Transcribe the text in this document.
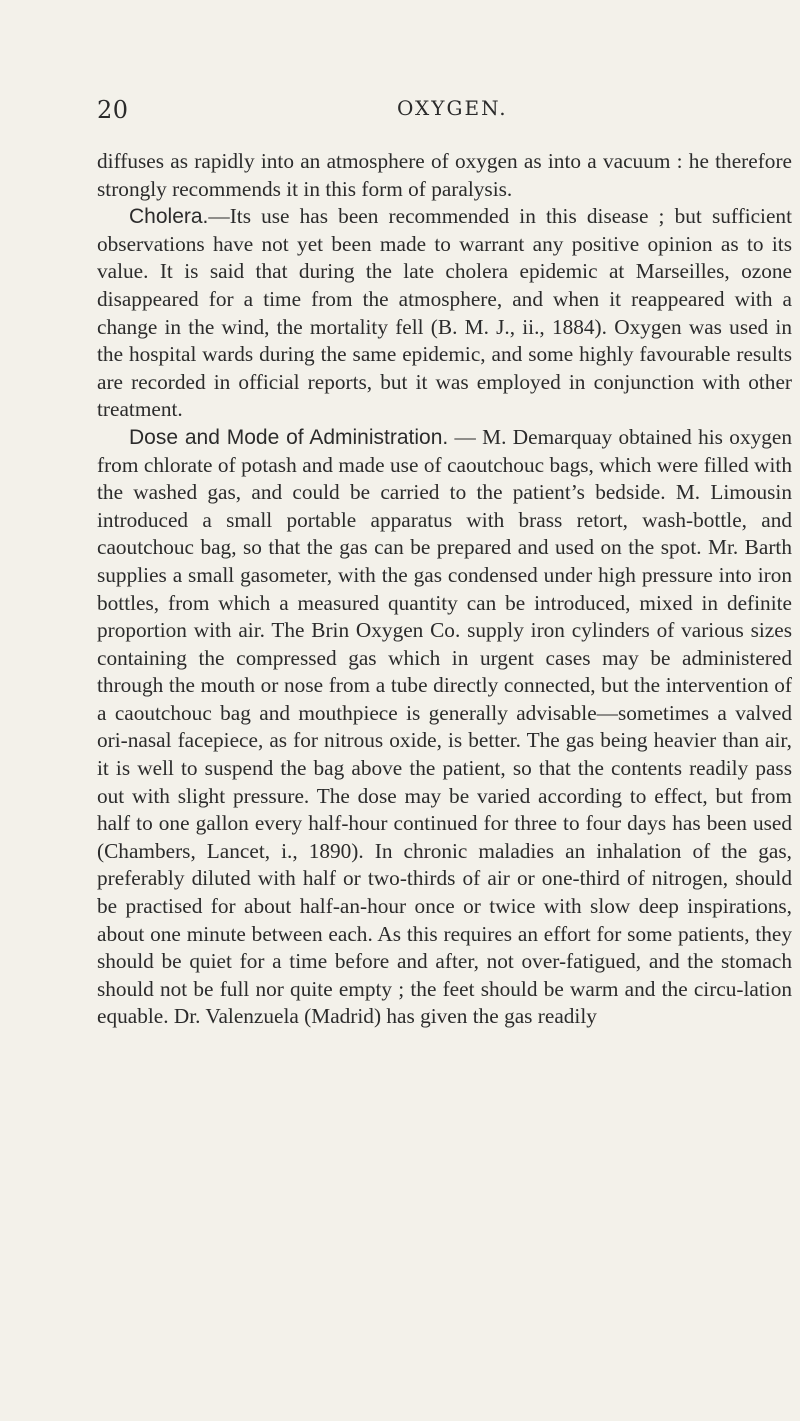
20	OXYGEN.

diffuses as rapidly into an atmosphere of oxygen as into a vacuum : he therefore strongly recommends it in this form of paralysis.

Cholera.—Its use has been recommended in this disease ; but sufficient observations have not yet been made to warrant any positive opinion as to its value. It is said that during the late cholera epidemic at Marseilles, ozone disappeared for a time from the atmosphere, and when it reappeared with a change in the wind, the mortality fell (B. M. J., ii., 1884). Oxygen was used in the hospital wards during the same epidemic, and some highly favourable results are recorded in official reports, but it was employed in conjunction with other treatment.

Dose and Mode of Administration. — M. Demarquay obtained his oxygen from chlorate of potash and made use of caoutchouc bags, which were filled with the washed gas, and could be carried to the patient’s bedside. M. Limousin introduced a small portable apparatus with brass retort, wash-bottle, and caoutchouc bag, so that the gas can be prepared and used on the spot. Mr. Barth supplies a small gasometer, with the gas condensed under high pressure into iron bottles, from which a measured quantity can be introduced, mixed in definite proportion with air. The Brin Oxygen Co. supply iron cylinders of various sizes containing the compressed gas which in urgent cases may be administered through the mouth or nose from a tube directly connected, but the intervention of a caoutchouc bag and mouthpiece is generally advisable—sometimes a valved ori-nasal facepiece, as for nitrous oxide, is better. The gas being heavier than air, it is well to suspend the bag above the patient, so that the contents readily pass out with slight pressure. The dose may be varied according to effect, but from half to one gallon every half-hour continued for three to four days has been used (Chambers, Lancet, i., 1890). In chronic maladies an inhalation of the gas, preferably diluted with half or two-thirds of air or one-third of nitrogen, should be practised for about half-an-hour once or twice with slow deep inspirations, about one minute between each. As this requires an effort for some patients, they should be quiet for a time before and after, not over-fatigued, and the stomach should not be full nor quite empty ; the feet should be warm and the circu-lation equable. Dr. Valenzuela (Madrid) has given the gas readily
